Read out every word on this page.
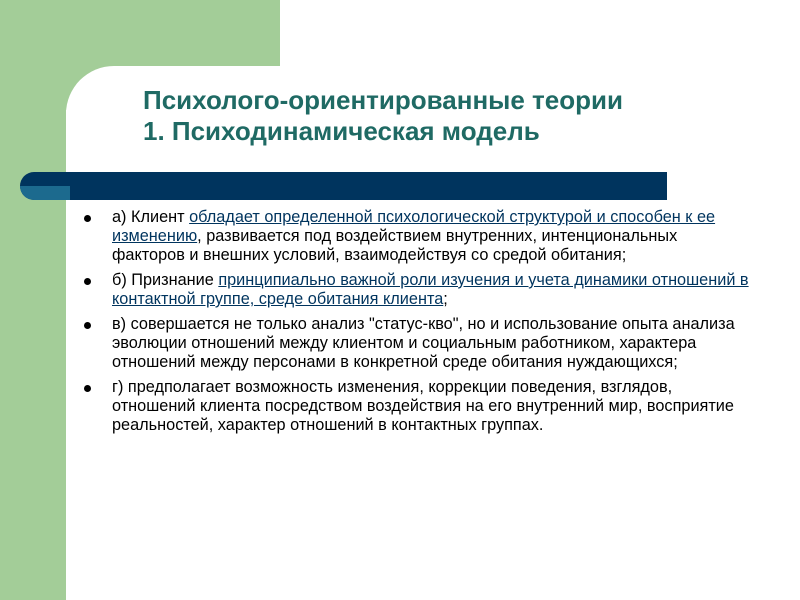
Психолого-ориентированные теории
1. Психодинамическая модель
а) Клиент обладает определенной психологической структурой и способен к ее изменению, развивается под воздействием внутренних, интенциональных факторов и внешних условий, взаимодействуя со средой обитания;
б) Признание принципиально важной роли изучения и учета динамики отношений в контактной группе, среде обитания клиента;
в) совершается не только анализ "статус-кво", но и использование опыта анализа эволюции отношений между клиентом и социальным работником, характера отношений между персонами в конкретной среде обитания нуждающихся;
г) предполагает возможность изменения, коррекции поведения, взглядов, отношений клиента посредством воздействия на его внутренний мир, восприятие реальностей, характер отношений в контактных группах.
